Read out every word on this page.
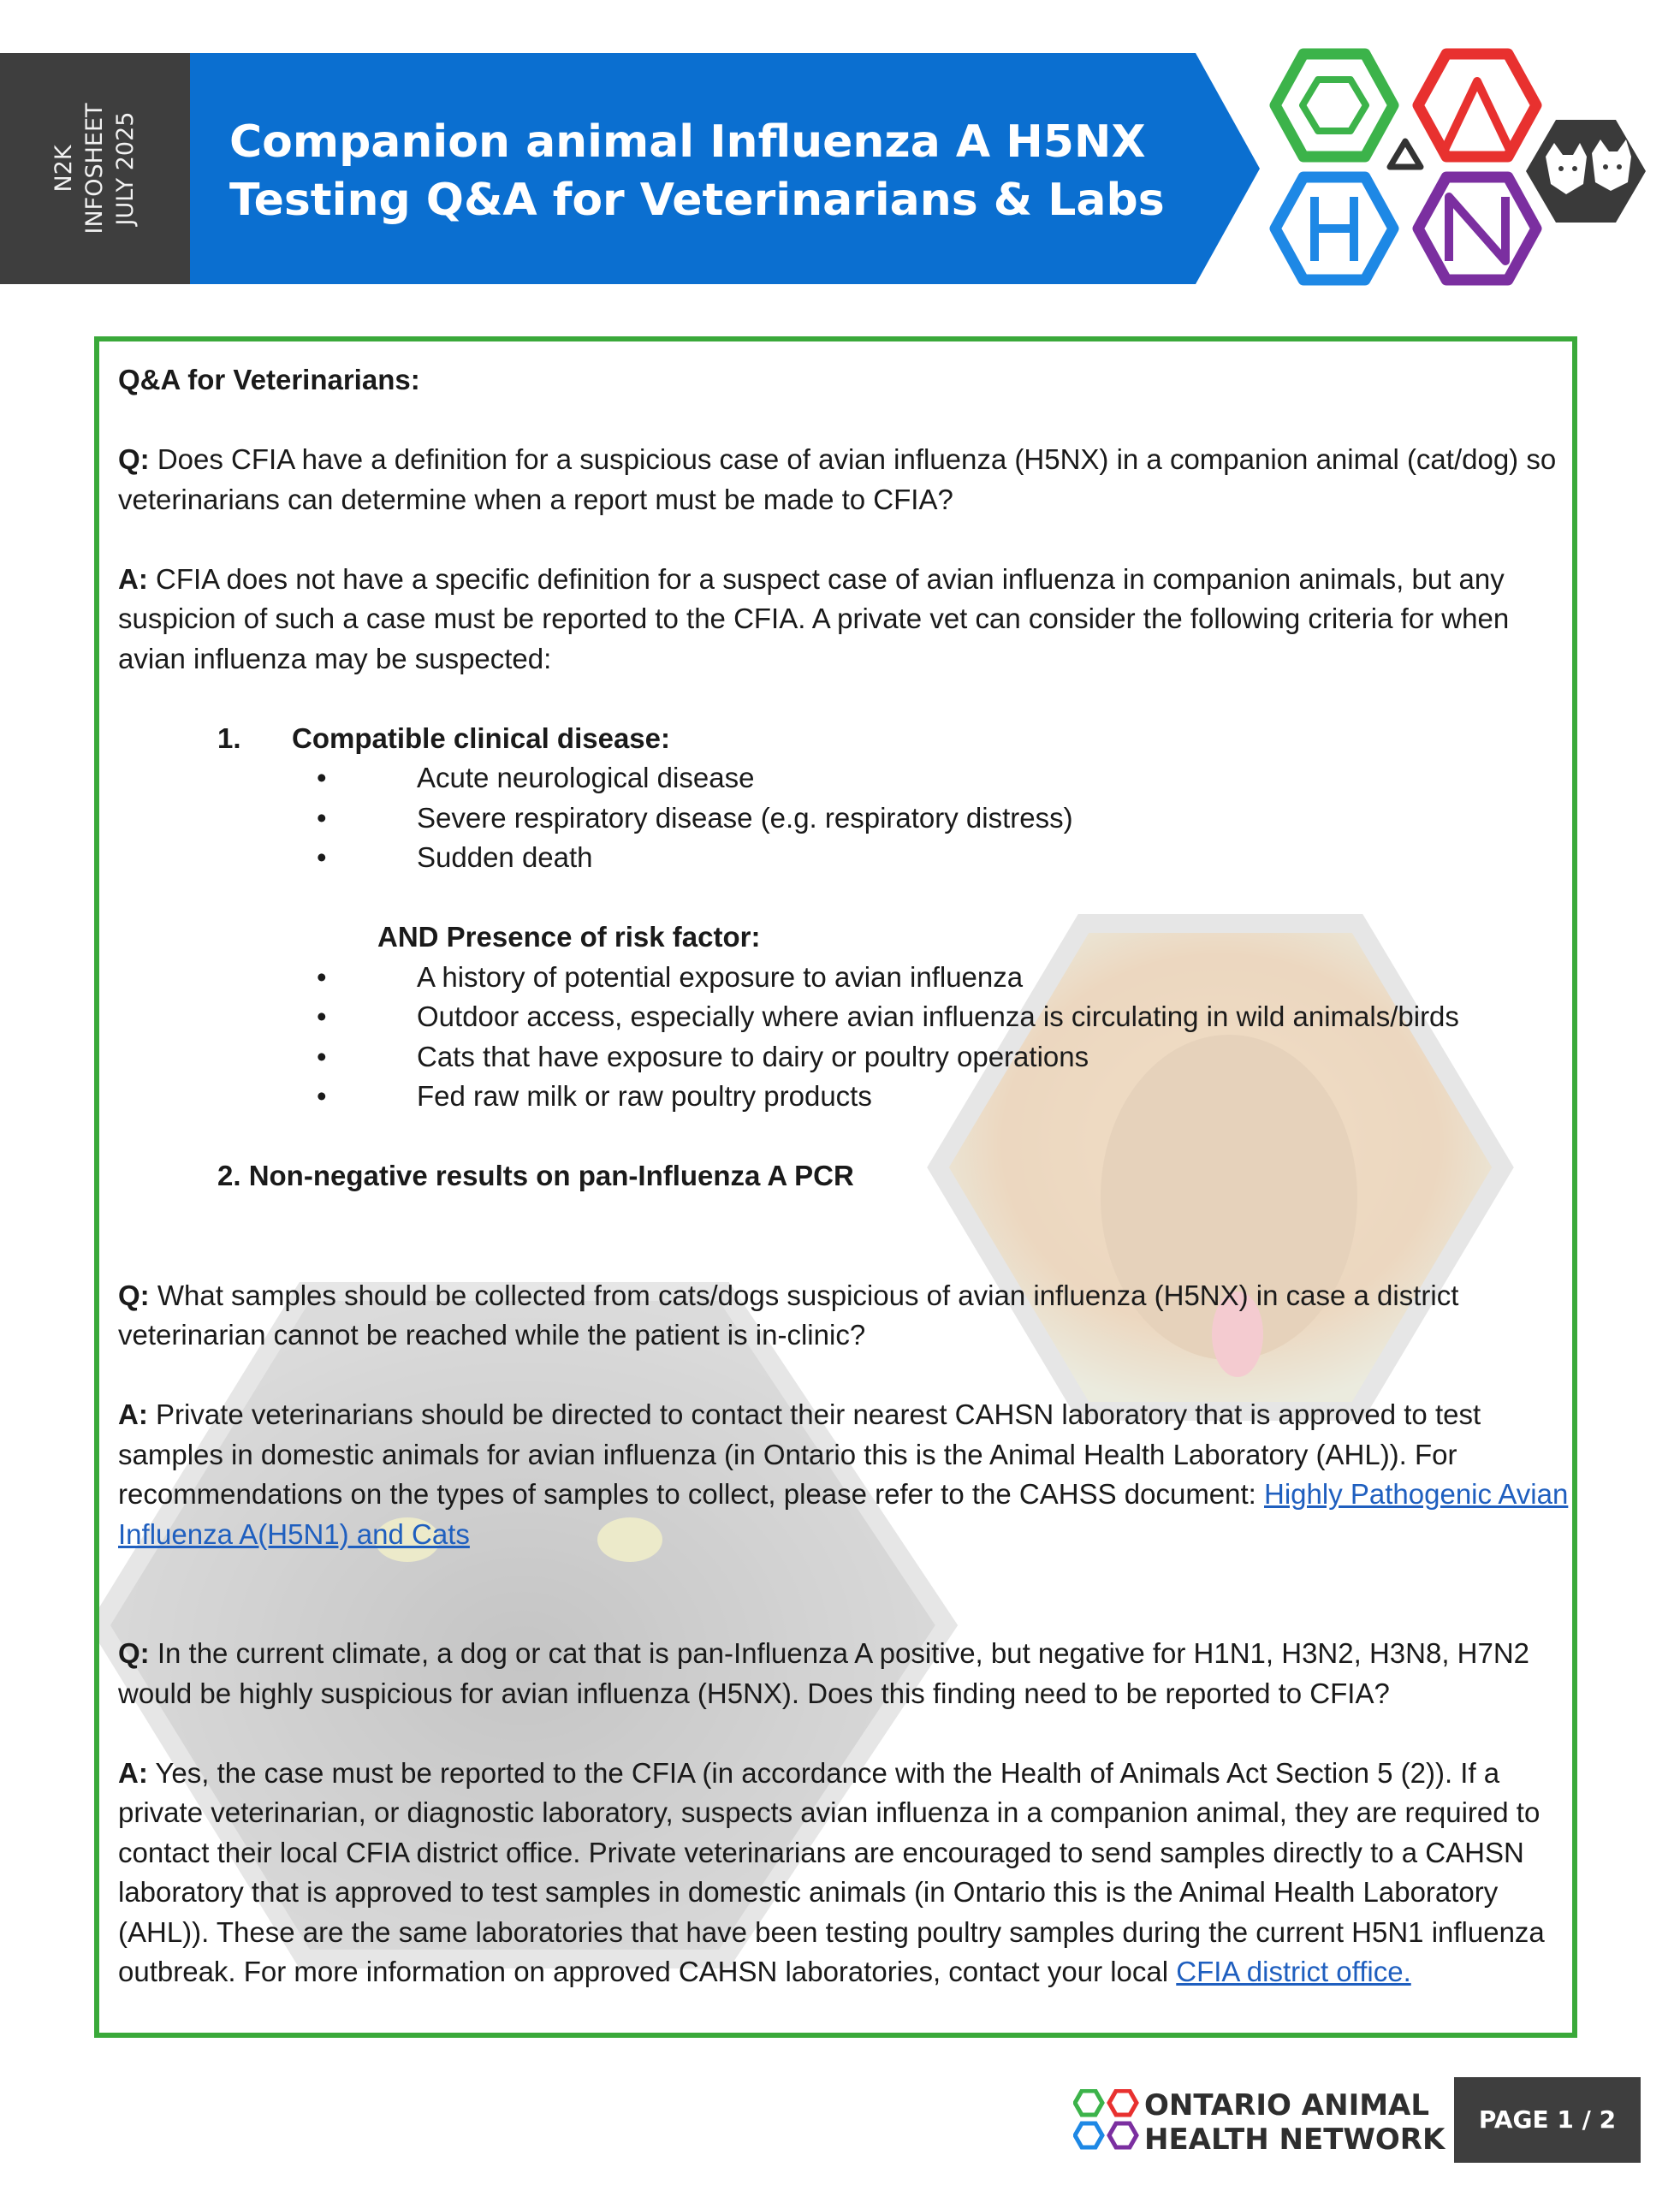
N2K INFOSHEET JULY 2025 Companion animal Influenza A H5NX
Testing Q&A for Veterinarians & Labs

Q&A for Veterinarians:

Q: Does CFIA have a definition for a suspicious case of avian influenza (H5NX) in a companion animal (cat/dog) so veterinarians can determine when a report must be made to CFIA?

A: CFIA does not have a specific definition for a suspect case of avian influenza in companion animals, but any suspicion of such a case must be reported to the CFIA. A private vet can consider the following criteria for when avian influenza may be suspected:

1. Compatible clinical disease:

• Acute neurological disease

• Severe respiratory disease (e.g. respiratory distress)

• Sudden death

AND Presence of risk factor:

• A history of potential exposure to avian influenza

• Outdoor access, especially where avian influenza is circulating in wild animals/birds

• Cats that have exposure to dairy or poultry operations

• Fed raw milk or raw poultry products

2. Non-negative results on pan-Influenza A PCR

Q: What samples should be collected from cats/dogs suspicious of avian influenza (H5NX) in case a district veterinarian cannot be reached while the patient is in-clinic?

A: Private veterinarians should be directed to contact their nearest CAHSN laboratory that is approved to test samples in domestic animals for avian influenza (in Ontario this is the Animal Health Laboratory (AHL)). For recommendations on the types of samples to collect, please refer to the CAHSS document: Highly Pathogenic Avian Influenza A(H5N1) and Cats

Q: In the current climate, a dog or cat that is pan-Influenza A positive, but negative for H1N1, H3N2, H3N8, H7N2 would be highly suspicious for avian influenza (H5NX). Does this finding need to be reported to CFIA?

A: Yes, the case must be reported to the CFIA (in accordance with the Health of Animals Act Section 5 (2)). If a private veterinarian, or diagnostic laboratory, suspects avian influenza in a companion animal, they are required to contact their local CFIA district office. Private veterinarians are encouraged to send samples directly to a CAHSN laboratory that is approved to test samples in domestic animals (in Ontario this is the Animal Health Laboratory (AHL)). These are the same laboratories that have been testing poultry samples during the current H5N1 influenza outbreak. For more information on approved CAHSN laboratories, contact your local CFIA district office.

ONTARIO ANIMAL
HEALTH NETWORK
PAGE 1 / 2
